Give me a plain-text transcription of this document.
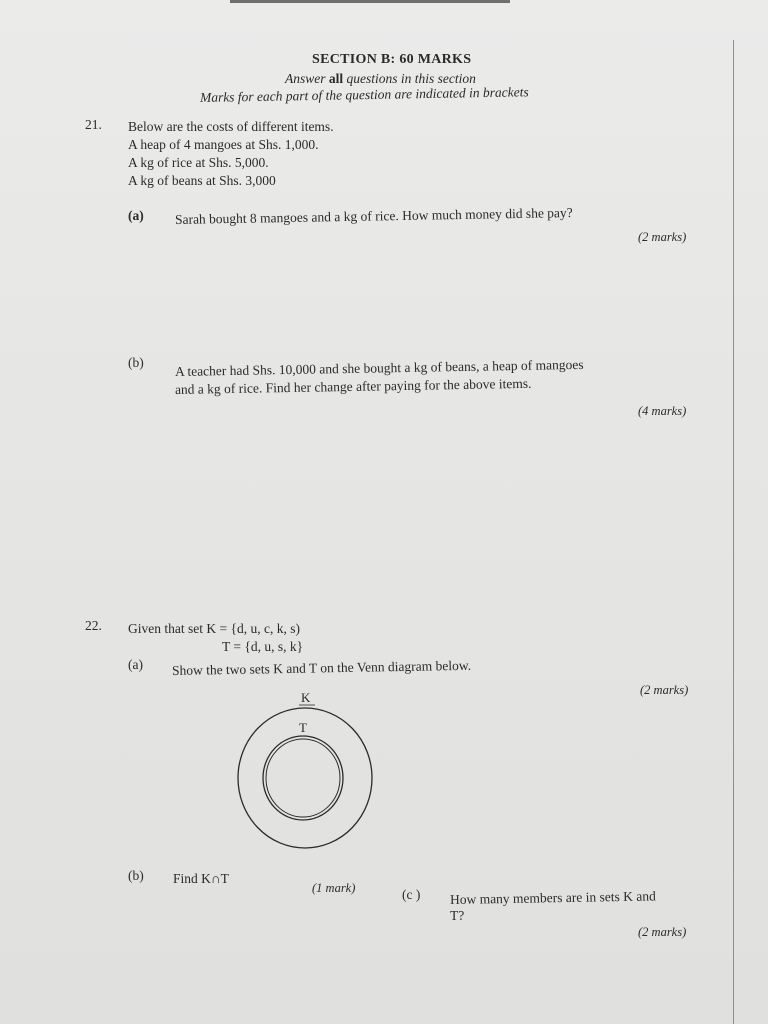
SECTION B: 60 MARKS
Answer all questions in this section
Marks for each part of the question are indicated in brackets
21. Below are the costs of different items.
A heap of 4 mangoes at Shs. 1,000.
A kg of rice at Shs. 5,000.
A kg of beans at Shs. 3,000
(a) Sarah bought 8 mangoes and a kg of rice. How much money did she pay?
(2 marks)
(b) A teacher had Shs. 10,000 and she bought a kg of beans, a heap of mangoes
and a kg of rice. Find her change after paying for the above items.
(4 marks)
22. Given that set K = {d, u, c, k, s)
T = {d, u, s, k}
(a) Show the two sets K and T on the Venn diagram below.
(2 marks)
K
T
(b) Find K∩T
(1 mark)	(c ) How many members are in sets K and
T?
(2 marks)
